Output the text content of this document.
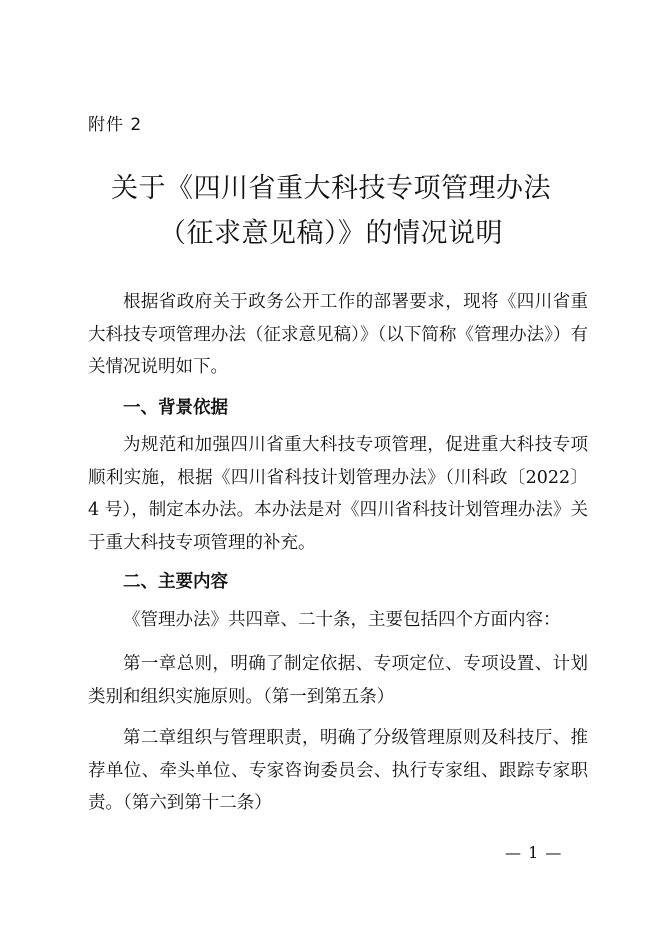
附件 2
关于《四川省重大科技专项管理办法
（征求意见稿）》的情况说明

根据省政府关于政务公开工作的部署要求，现将《四川省重大科技专项管理办法（征求意见稿）》（以下简称《管理办法》）有关情况说明如下。

一、背景依据

为规范和加强四川省重大科技专项管理，促进重大科技专项顺利实施，根据《四川省科技计划管理办法》（川科政〔2022〕4 号），制定本办法。本办法是对《四川省科技计划管理办法》关于重大科技专项管理的补充。

二、主要内容

《管理办法》共四章、二十条，主要包括四个方面内容：

第一章总则，明确了制定依据、专项定位、专项设置、计划类别和组织实施原则。（第一到第五条）

第二章组织与管理职责，明确了分级管理原则及科技厅、推荐单位、牵头单位、专家咨询委员会、执行专家组、跟踪专家职责。（第六到第十二条）

— 1 —
